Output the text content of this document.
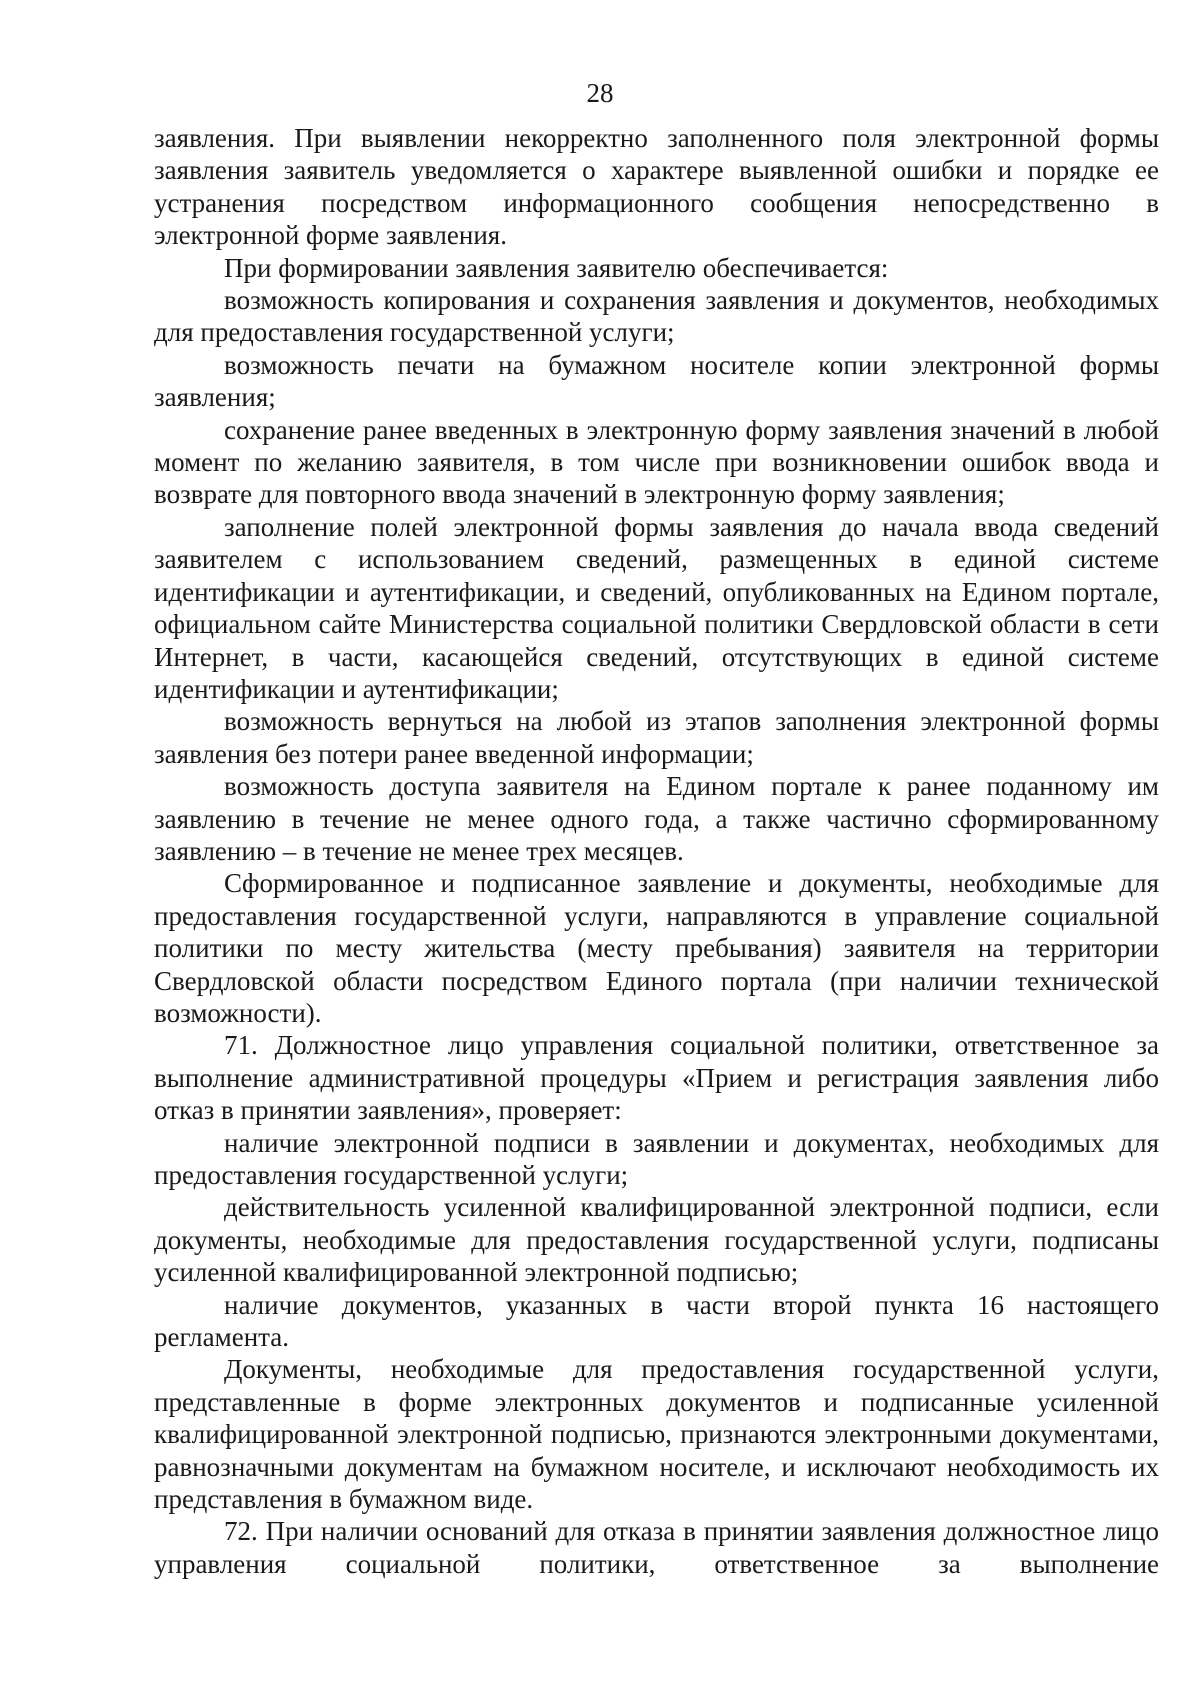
28

заявления. При выявлении некорректно заполненного поля электронной формы заявления заявитель уведомляется о характере выявленной ошибки и порядке ее устранения посредством информационного сообщения непосредственно в электронной форме заявления.

При формировании заявления заявителю обеспечивается:

возможность копирования и сохранения заявления и документов, необходимых для предоставления государственной услуги;

возможность печати на бумажном носителе копии электронной формы заявления;

сохранение ранее введенных в электронную форму заявления значений в любой момент по желанию заявителя, в том числе при возникновении ошибок ввода и возврате для повторного ввода значений в электронную форму заявления;

заполнение полей электронной формы заявления до начала ввода сведений заявителем с использованием сведений, размещенных в единой системе идентификации и аутентификации, и сведений, опубликованных на Едином портале, официальном сайте Министерства социальной политики Свердловской области в сети Интернет, в части, касающейся сведений, отсутствующих в единой системе идентификации и аутентификации;

возможность вернуться на любой из этапов заполнения электронной формы заявления без потери ранее введенной информации;

возможность доступа заявителя на Едином портале к ранее поданному им заявлению в течение не менее одного года, а также частично сформированному заявлению – в течение не менее трех месяцев.

Сформированное и подписанное заявление и документы, необходимые для предоставления государственной услуги, направляются в управление социальной политики по месту жительства (месту пребывания) заявителя на территории Свердловской области посредством Единого портала (при наличии технической возможности).

71. Должностное лицо управления социальной политики, ответственное за выполнение административной процедуры «Прием и регистрация заявления либо отказ в принятии заявления», проверяет:

наличие электронной подписи в заявлении и документах, необходимых для предоставления государственной услуги;

действительность усиленной квалифицированной электронной подписи, если документы, необходимые для предоставления государственной услуги, подписаны усиленной квалифицированной электронной подписью;

наличие документов, указанных в части второй пункта 16 настоящего регламента.

Документы, необходимые для предоставления государственной услуги, представленные в форме электронных документов и подписанные усиленной квалифицированной электронной подписью, признаются электронными документами, равнозначными документам на бумажном носителе, и исключают необходимость их представления в бумажном виде.

72. При наличии оснований для отказа в принятии заявления должностное лицо управления социальной политики, ответственное за выполнение
